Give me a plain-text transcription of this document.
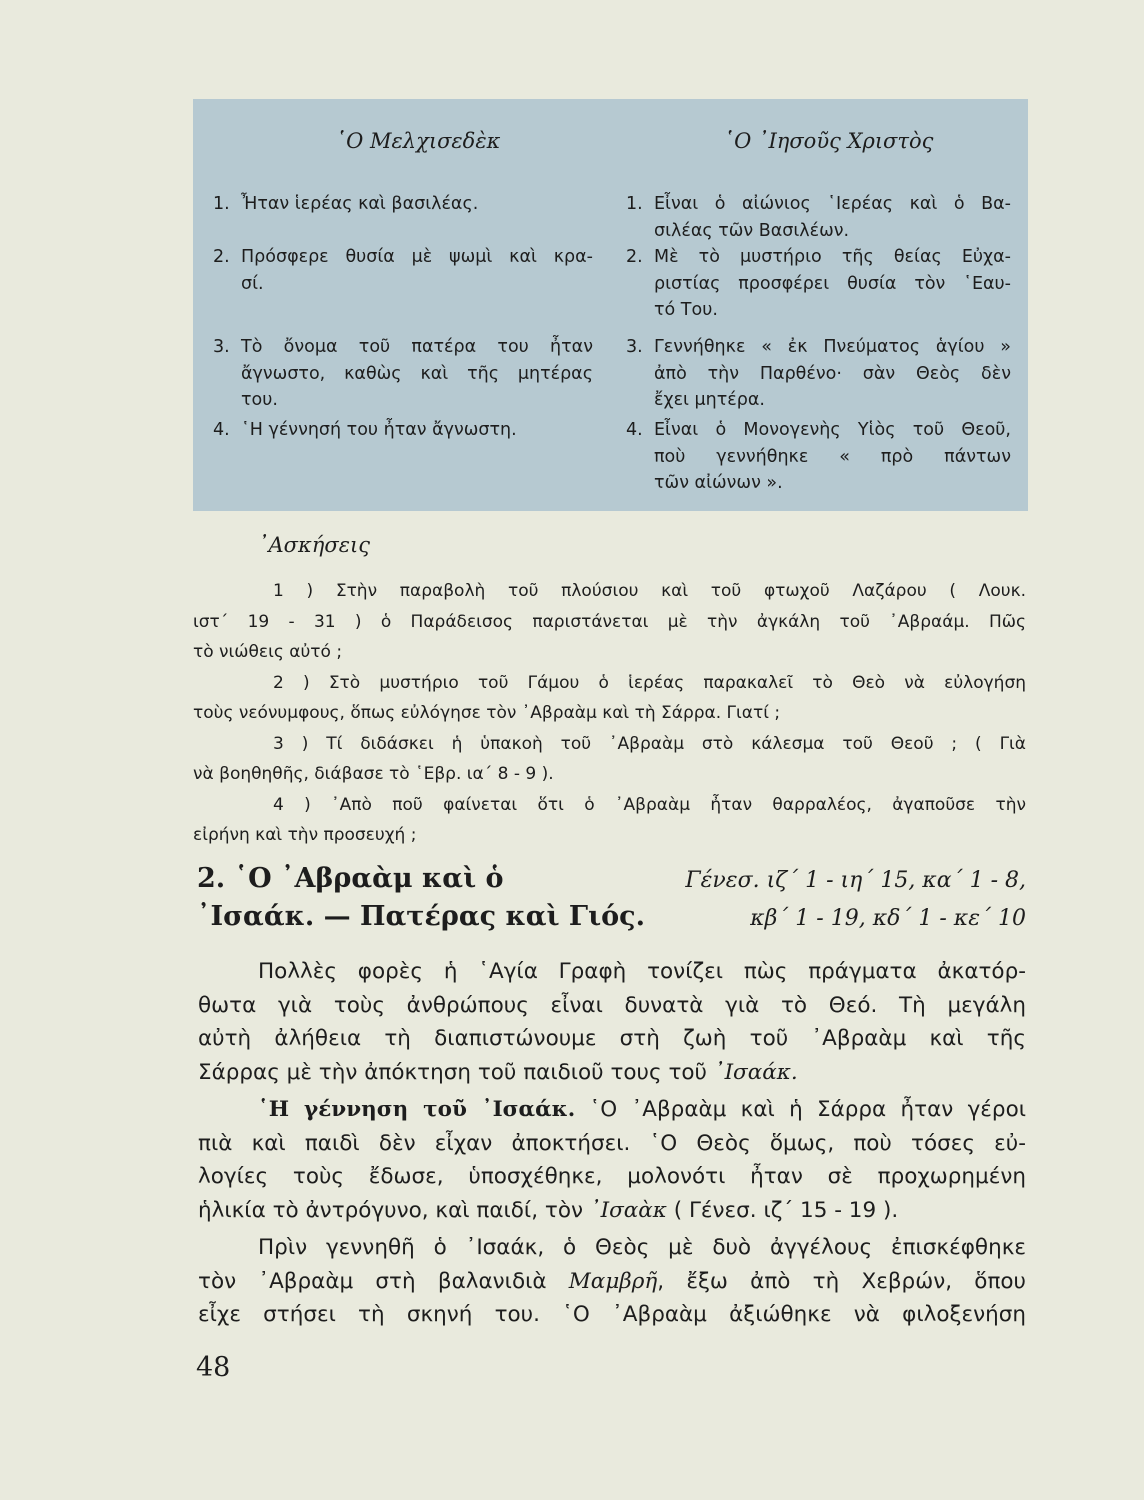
῾Ο Μελχισεδὲκ
1. Ἦταν ἱερέας καὶ βασιλέας.
2. Πρόσφερε θυσία μὲ ψωμὶ καὶ κρα-
σί.
3. Τὸ ὄνομα τοῦ πατέρα του ἦταν
ἄγνωστο, καθὼς καὶ τῆς μητέρας
του.
4. ῾Η γέννησή του ἦταν ἄγνωστη.
῾Ο ᾿Ιησοῦς Χριστὸς
1. Εἶναι ὁ αἰώνιος ῾Ιερέας καὶ ὁ Βα-
σιλέας τῶν Βασιλέων.
2. Μὲ τὸ μυστήριο τῆς θείας Εὐχα-
ριστίας προσφέρει θυσία τὸν ῾Εαυ-
τό Του.
3. Γεννήθηκε « ἐκ Πνεύματος ἁγίου »
ἀπὸ τὴν Παρθένο· σὰν Θεὸς δὲν
ἔχει μητέρα.
4. Εἶναι ὁ Μονογενὴς Υἱὸς τοῦ Θεοῦ,
ποὺ γεννήθηκε « πρὸ πάντων
τῶν αἰώνων ».
᾿Ασκήσεις
1 ) Στὴν παραβολὴ τοῦ πλούσιου καὶ τοῦ φτωχοῦ Λαζάρου ( Λουκ.
ιστ΄ 19 - 31 ) ὁ Παράδεισος παριστάνεται μὲ τὴν ἀγκάλη τοῦ ᾿Αβραάμ. Πῶς
τὸ νιώθεις αὐτό ;
2 ) Στὸ μυστήριο τοῦ Γάμου ὁ ἱερέας παρακαλεῖ τὸ Θεὸ νὰ εὐλογήση
τοὺς νεόνυμφους, ὅπως εὐλόγησε τὸν ᾿Αβραὰμ καὶ τὴ Σάρρα. Γιατί ;
3 ) Τί διδάσκει ἡ ὑπακοὴ τοῦ ᾿Αβραὰμ στὸ κάλεσμα τοῦ Θεοῦ ; ( Γιὰ
νὰ βοηθηθῆς, διάβασε τὸ ῾Εβρ. ια΄ 8 - 9 ).
4 ) ᾿Απὸ ποῦ φαίνεται ὅτι ὁ ᾿Αβραὰμ ἦταν θαρραλέος, ἀγαποῦσε τὴν
εἰρήνη καὶ τὴν προσευχή ;
2. ῾Ο ᾿Αβραὰμ καὶ ὁ
᾿Ισαάκ. — Πατέρας καὶ Γιός.
Γένεσ. ιζ΄ 1 - ιη΄ 15, κα΄ 1 - 8,
κβ΄ 1 - 19, κδ΄ 1 - κε΄ 10
Πολλὲς φορὲς ἡ ῾Αγία Γραφὴ τονίζει πὼς πράγματα ἀκατόρ-
θωτα γιὰ τοὺς ἀνθρώπους εἶναι δυνατὰ γιὰ τὸ Θεό. Τὴ μεγάλη
αὐτὴ ἀλήθεια τὴ διαπιστώνουμε στὴ ζωὴ τοῦ ᾿Αβραὰμ καὶ τῆς
Σάρρας μὲ τὴν ἀπόκτηση τοῦ παιδιοῦ τους τοῦ ᾿Ισαάκ.
῾Η γέννηση τοῦ ᾿Ισαάκ. ῾Ο ᾿Αβραὰμ καὶ ἡ Σάρρα ἦταν γέροι
πιὰ καὶ παιδὶ δὲν εἶχαν ἀποκτήσει. ῾Ο Θεὸς ὅμως, ποὺ τόσες εὐ-
λογίες τοὺς ἔδωσε, ὑποσχέθηκε, μολονότι ἦταν σὲ προχωρημένη
ἡλικία τὸ ἀντρόγυνο, καὶ παιδί, τὸν ᾿Ισαὰκ ( Γένεσ. ιζ΄ 15 - 19 ).
Πρὶν γεννηθῆ ὁ ᾿Ισαάκ, ὁ Θεὸς μὲ δυὸ ἀγγέλους ἐπισκέφθηκε
τὸν ᾿Αβραὰμ στὴ βαλανιδιὰ Μαμβρῆ, ἔξω ἀπὸ τὴ Χεβρών, ὅπου
εἶχε στήσει τὴ σκηνή του. ῾Ο ᾿Αβραὰμ ἀξιώθηκε νὰ φιλοξενήση
48
